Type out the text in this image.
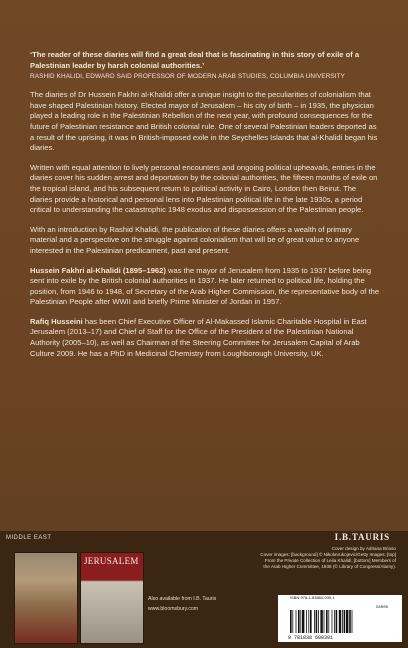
‘The reader of these diaries will find a great deal that is fascinating in this story of exile of a Palestinian leader by harsh colonial authorities.’

RASHID KHALIDI, EDWARD SAID PROFESSOR OF MODERN ARAB STUDIES, COLUMBIA UNIVERSITY

The diaries of Dr Hussein Fakhri al-Khalidi offer a unique insight to the peculiarities of colonialism that have shaped Palestinian history. Elected mayor of Jerusalem – his city of birth – in 1935, the physician played a leading role in the Palestinian Rebellion of the next year, with profound consequences for the future of Palestinian resistance and British colonial rule. One of several Palestinian leaders deported as a result of the uprising, it was in British-imposed exile in the Seychelles Islands that al-Khalidi began his diaries.

Written with equal attention to lively personal encounters and ongoing political upheavals, entries in the diaries cover his sudden arrest and deportation by the colonial authorities, the fifteen months of exile on the tropical island, and his subsequent return to political activity in Cairo, London then Beirut. The diaries provide a historical and personal lens into Palestinian political life in the late 1930s, a period critical to understanding the catastrophic 1948 exodus and dispossession of the Palestinian people.

With an introduction by Rashid Khalidi, the publication of these diaries offers a wealth of primary material and a perspective on the struggle against colonialism that will be of great value to anyone interested in the Palestinian predicament, past and present.

Hussein Fakhri al-Khalidi (1895–1962) was the mayor of Jerusalem from 1935 to 1937 before being sent into exile by the British colonial authorities in 1937. He later returned to political life, holding the position, from 1946 to 1948, of Secretary of the Arab Higher Commission, the representative body of the Palestinian People after WWII and briefly Prime Minister of Jordan in 1957.

Rafiq Husseini has been Chief Executive Officer of Al-Makassed Islamic Charitable Hospital in East Jerusalem (2013–17) and Chief of Staff for the Office of the President of the Palestinian National Authority (2005–10), as well as Chairman of the Steering Committee for Jerusalem Capital of Arab Culture 2009. He has a PhD in Medicinal Chemistry from Loughborough University, UK.

MIDDLE EAST	I.B.TAURIS

JERUSALEM
Also available from I.B. Tauris
www.bloomsbury.com
Cover design by Adriana Brioso
Cover images: [background] © NikolaVukojevic/Getty Images; [top]
From the Private Collection of Leila Khalidi; [bottom] Members of
the Arab Higher Committee, 1936 (© Library of Congress/Alamy).
ISBN 978-1-83860-039-1
9 781838 600391
58000
